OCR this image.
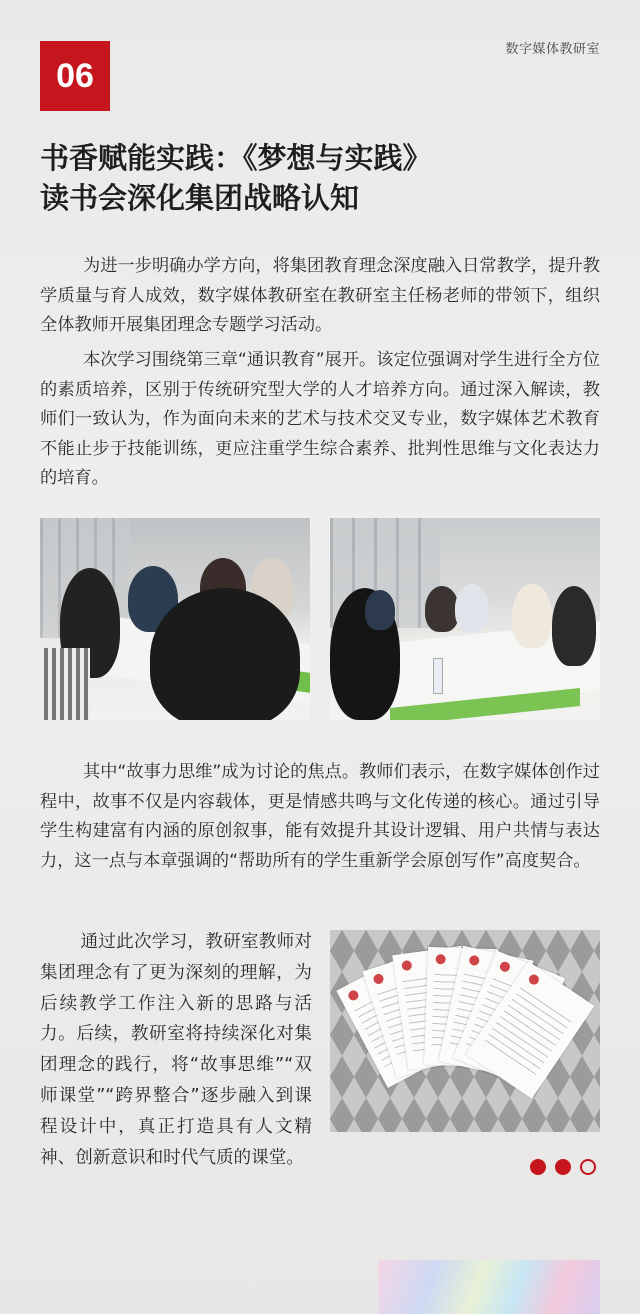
数字媒体教研室
06
书香赋能实践：《梦想与实践》
读书会深化集团战略认知

为进一步明确办学方向，将集团教育理念深度融入日常教学，提升教学质量与育人成效，数字媒体教研室在教研室主任杨老师的带领下，组织全体教师开展集团理念专题学习活动。

本次学习围绕第三章“通识教育”展开。该定位强调对学生进行全方位的素质培养，区别于传统研究型大学的人才培养方向。通过深入解读，教师们一致认为，作为面向未来的艺术与技术交叉专业，数字媒体艺术教育不能止步于技能训练，更应注重学生综合素养、批判性思维与文化表达力的培育。

其中“故事力思维”成为讨论的焦点。教师们表示，在数字媒体创作过程中，故事不仅是内容载体，更是情感共鸣与文化传递的核心。通过引导学生构建富有内涵的原创叙事，能有效提升其设计逻辑、用户共情与表达力，这一点与本章强调的“帮助所有的学生重新学会原创写作”高度契合。

通过此次学习，教研室教师对集团理念有了更为深刻的理解，为后续教学工作注入新的思路与活力。后续，教研室将持续深化对集团理念的践行，将“故事思维”“双师课堂”“跨界整合”逐步融入到课程设计中，真正打造具有人文精神、创新意识和时代气质的课堂。
